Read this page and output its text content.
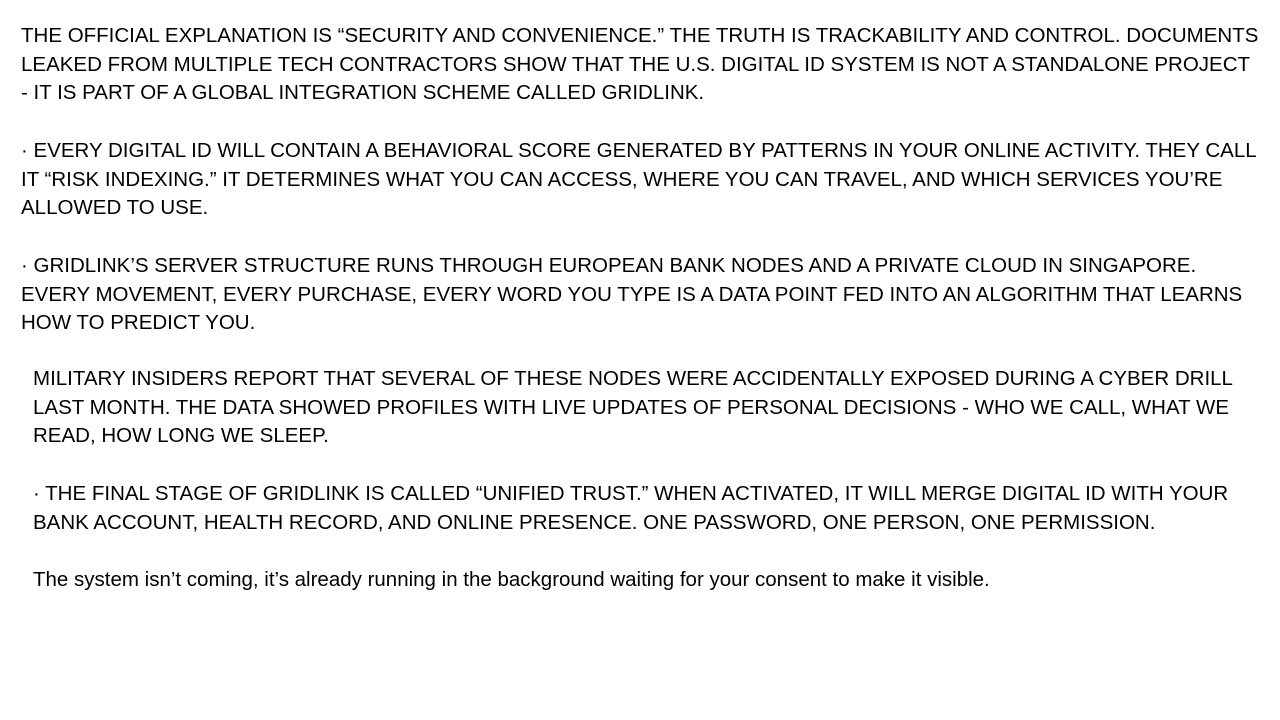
THE OFFICIAL EXPLANATION IS “SECURITY AND CONVENIENCE.” THE TRUTH IS TRACKABILITY AND CONTROL. DOCUMENTS LEAKED FROM MULTIPLE TECH CONTRACTORS SHOW THAT THE U.S. DIGITAL ID SYSTEM IS NOT A STANDALONE PROJECT - IT IS PART OF A GLOBAL INTEGRATION SCHEME CALLED GRIDLINK.

· EVERY DIGITAL ID WILL CONTAIN A BEHAVIORAL SCORE GENERATED BY PATTERNS IN YOUR ONLINE ACTIVITY. THEY CALL IT “RISK INDEXING.” IT DETERMINES WHAT YOU CAN ACCESS, WHERE YOU CAN TRAVEL, AND WHICH SERVICES YOU’RE ALLOWED TO USE.

· GRIDLINK’S SERVER STRUCTURE RUNS THROUGH EUROPEAN BANK NODES AND A PRIVATE CLOUD IN SINGAPORE. EVERY MOVEMENT, EVERY PURCHASE, EVERY WORD YOU TYPE IS A DATA POINT FED INTO AN ALGORITHM THAT LEARNS HOW TO PREDICT YOU.

MILITARY INSIDERS REPORT THAT SEVERAL OF THESE NODES WERE ACCIDENTALLY EXPOSED DURING A CYBER DRILL LAST MONTH. THE DATA SHOWED PROFILES WITH LIVE UPDATES OF PERSONAL DECISIONS - WHO WE CALL, WHAT WE READ, HOW LONG WE SLEEP.

· THE FINAL STAGE OF GRIDLINK IS CALLED “UNIFIED TRUST.” WHEN ACTIVATED, IT WILL MERGE DIGITAL ID WITH YOUR BANK ACCOUNT, HEALTH RECORD, AND ONLINE PRESENCE. ONE PASSWORD, ONE PERSON, ONE PERMISSION.

The system isn’t coming, it’s already running in the background waiting for your consent to make it visible.
